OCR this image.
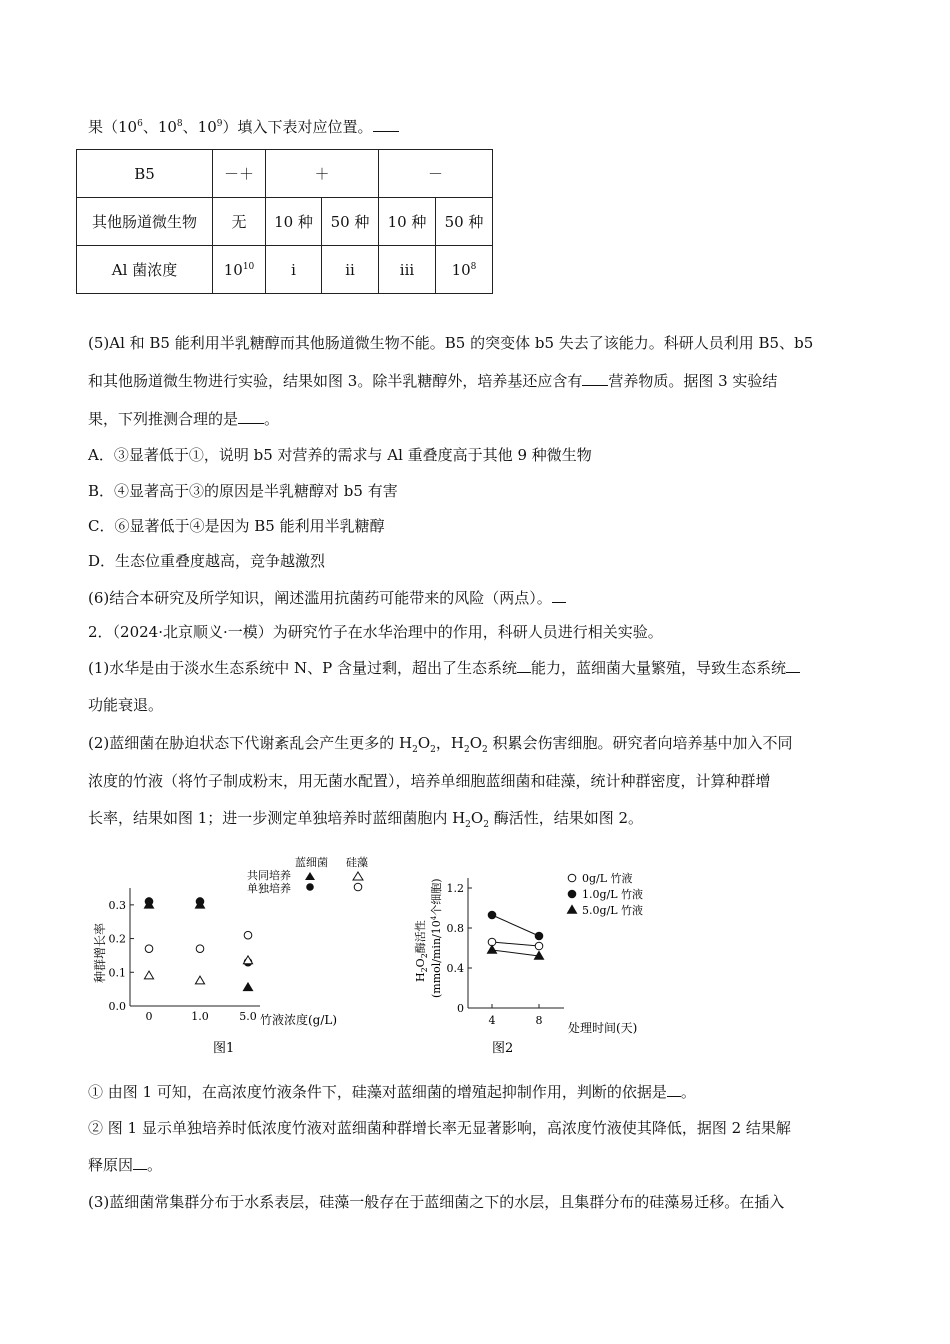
果（$10^6$、$10^8$、$10^9$）填入下表对应位置。
B5	－＋	＋		－	
其他肠道微生物	无	10 种	50 种	10 种	50 种
Al 菌浓度	$10^{10}$	i	ii	iii	$10^8$
(5)Al 和 B5 能利用半乳糖醇而其他肠道微生物不能。B5 的突变体 b5 失去了该能力。科研人员利用 B5、b5
和其他肠道微生物进行实验，结果如图 3。除半乳糖醇外，培养基还应含有 营养物质。据图 3 实验结
果，下列推测合理的是 。
A．③显著低于①，说明 b5 对营养的需求与 Al 重叠度高于其他 9 种微生物
B．④显著高于③的原因是半乳糖醇对 b5 有害
C．⑥显著低于④是因为 B5 能利用半乳糖醇
D．生态位重叠度越高，竞争越激烈
(6)结合本研究及所学知识，阐述滥用抗菌药可能带来的风险（两点）。
2．（2024·北京顺义·一模）为研究竹子在水华治理中的作用，科研人员进行相关实验。
(1)水华是由于淡水生态系统中 N、P 含量过剩，超出了生态系统 能力，蓝细菌大量繁殖，导致生态系统
功能衰退。
(2)蓝细菌在胁迫状态下代谢紊乱会产生更多的 $H_2O_2$，$H_2O_2$ 积累会伤害细胞。研究者向培养基中加入不同
浓度的竹液（将竹子制成粉末，用无菌水配置），培养单细胞蓝细菌和硅藻，统计种群密度，计算种群增
长率，结果如图 1；进一步测定单独培养时蓝细菌胞内 $H_2O_2$ 酶活性，结果如图 2。
0.0
0.1
0.2
0.3
0	1.0	5.0 竹液浓度(g/L)
种群增长率
图1
蓝细菌 硅藻
共同培养
单独培养
0
0.4
0.8
1.2
4	8
处理时间(天)
$H_2O_2$酶活性 ($mmol/\min/10^4$个细胞)
图2
0g/L 竹液
1.0g/L 竹液
5.0g/L 竹液
① 由图 1 可知，在高浓度竹液条件下，硅藻对蓝细菌的增殖起抑制作用，判断的依据是 。
② 图 1 显示单独培养时低浓度竹液对蓝细菌种群增长率无显著影响，高浓度竹液使其降低，据图 2 结果解
释原因 。
(3)蓝细菌常集群分布于水系表层，硅藻一般存在于蓝细菌之下的水层，且集群分布的硅藻易迁移。在插入
